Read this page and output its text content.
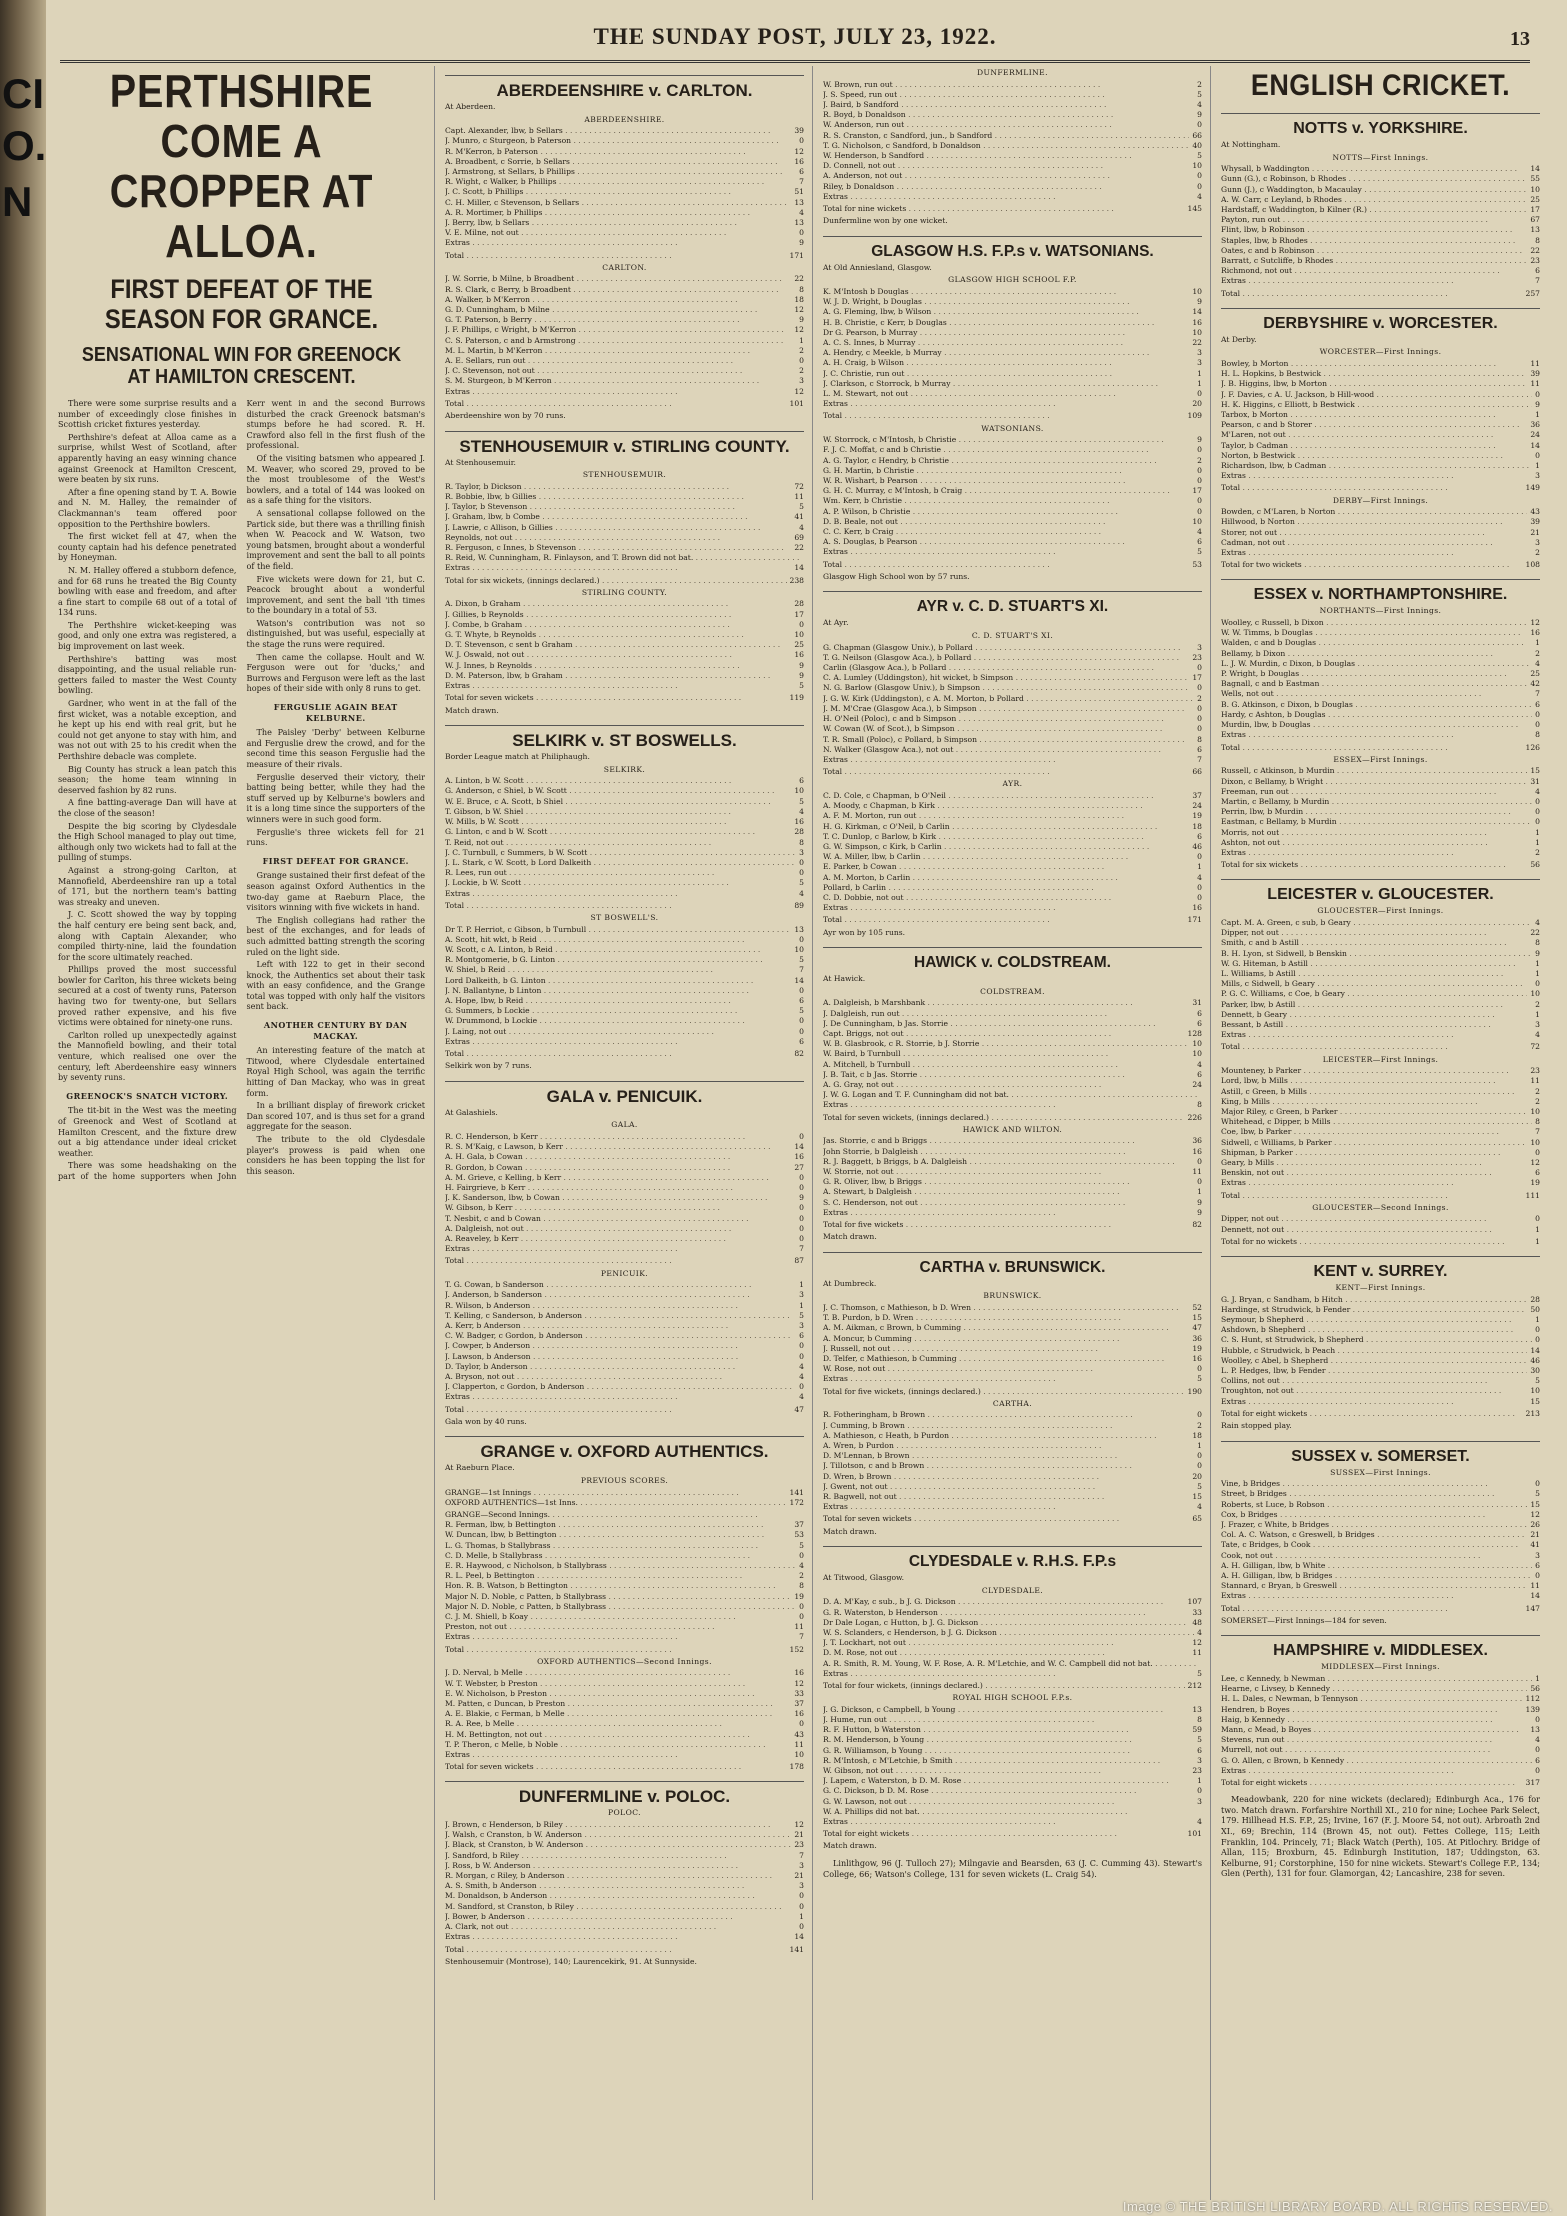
CI
O.
N
THE SUNDAY POST, JULY 23, 1922.	13
PERTHSHIRE COME A CROPPER AT ALLOA.
FIRST DEFEAT OF THE SEASON FOR GRANCE.
SENSATIONAL WIN FOR GREENOCK AT HAMILTON CRESCENT.

There were some surprise results and a number of exceedingly close finishes in Scottish cricket fixtures yesterday.

Perthshire's defeat at Alloa came as a surprise, whilst West of Scotland, after apparently having an easy winning chance against Greenock at Hamilton Crescent, were beaten by six runs.

After a fine opening stand by T. A. Bowie and N. M. Halley, the remainder of Clackmannan's team offered poor opposition to the Perthshire bowlers.

The first wicket fell at 47, when the county captain had his defence penetrated by Honeyman.

N. M. Halley offered a stubborn defence, and for 68 runs he treated the Big County bowling with ease and freedom, and after a fine start to compile 68 out of a total of 134 runs.

The Perthshire wicket-keeping was good, and only one extra was registered, a big improvement on last week.

Perthshire's batting was most disappointing, and the usual reliable run-getters failed to master the West County bowling.

Gardner, who went in at the fall of the first wicket, was a notable exception, and he kept up his end with real grit, but he could not get anyone to stay with him, and was not out with 25 to his credit when the Perthshire debacle was complete.

Big County has struck a lean patch this season; the home team winning in deserved fashion by 82 runs.

A fine batting-average Dan will have at the close of the season!

Despite the big scoring by Clydesdale the High School managed to play out time, although only two wickets had to fall at the pulling of stumps.

Against a strong-going Carlton, at Mannofield, Aberdeenshire ran up a total of 171, but the northern team's batting was streaky and uneven.

J. C. Scott showed the way by topping the half century ere being sent back, and, along with Captain Alexander, who compiled thirty-nine, laid the foundation for the score ultimately reached.

Phillips proved the most successful bowler for Carlton, his three wickets being secured at a cost of twenty runs, Paterson having two for twenty-one, but Sellars proved rather expensive, and his five victims were obtained for ninety-one runs.

Carlton rolled up unexpectedly against the Mannofield bowling, and their total venture, which realised one over the century, left Aberdeenshire easy winners by seventy runs.

GREENOCK'S SNATCH VICTORY.

The tit-bit in the West was the meeting of Greenock and West of Scotland at Hamilton Crescent, and the fixture drew out a big attendance under ideal cricket weather.

There was some headshaking on the part of the home supporters when John Kerr went in and the second Burrows disturbed the crack Greenock batsman's stumps before he had scored. R. H. Crawford also fell in the first flush of the professional.

Of the visiting batsmen who appeared J. M. Weaver, who scored 29, proved to be the most troublesome of the West's bowlers, and a total of 144 was looked on as a safe thing for the visitors.

A sensational collapse followed on the Partick side, but there was a thrilling finish when W. Peacock and W. Watson, two young batsmen, brought about a wonderful improvement and sent the ball to all points of the field.

Five wickets were down for 21, but C. Peacock brought about a wonderful improvement, and sent the ball 'ith times to the boundary in a total of 53.

Watson's contribution was not so distinguished, but was useful, especially at the stage the runs were required.

Then came the collapse. Hoult and W. Ferguson were out for 'ducks,' and Burrows and Ferguson were left as the last hopes of their side with only 8 runs to get.

FERGUSLIE AGAIN BEAT KELBURNE.

The Paisley 'Derby' between Kelburne and Ferguslie drew the crowd, and for the second time this season Ferguslie had the measure of their rivals.

Ferguslie deserved their victory, their batting being better, while they had the stuff served up by Kelburne's bowlers and it is a long time since the supporters of the winners were in such good form.

Ferguslie's three wickets fell for 21 runs.

FIRST DEFEAT FOR GRANCE.

Grange sustained their first defeat of the season against Oxford Authentics in the two-day game at Raeburn Place, the visitors winning with five wickets in hand.

The English collegians had rather the best of the exchanges, and for leads of such admitted batting strength the scoring ruled on the light side.

Left with 122 to get in their second knock, the Authentics set about their task with an easy confidence, and the Grange total was topped with only half the visitors sent back.

ANOTHER CENTURY BY DAN MACKAY.

An interesting feature of the match at Titwood, where Clydesdale entertained Royal High School, was again the terrific hitting of Dan Mackay, who was in great form.

In a brilliant display of firework cricket Dan scored 107, and is thus set for a grand aggregate for the season.

The tribute to the old Clydesdale player's prowess is paid when one considers he has been topping the list for this season.

ABERDEENSHIRE v. CARLTON.
At Aberdeen.
ABERDEENSHIRE.
Capt. Alexander, lbw, b Sellars . . .	39
J. Munro, c Sturgeon, b Paterson . . .	0
R. M'Kerron, b Paterson . . .	12
A. Broadbent, c Sorrie, b Sellars . . .	16
J. Armstrong, st Sellars, b Phillips . . .	6
R. Wight, c Walker, b Phillips . . .	7
J. C. Scott, b Phillips . . .	51
C. H. Miller, c Stevenson, b Sellars . . .	13
A. R. Mortimer, b Phillips . . .	4
J. Berry, lbw, b Sellars . . .	13
V. E. Milne, not out . . .	0
Extras . . .	9
Total . . .	171
CARLTON.
J. W. Sorrie, b Milne, b Broadbent . . .	22
R. S. Clark, c Berry, b Broadbent . . .	8
A. Walker, b M'Kerron . . .	18
G. D. Cunningham, b Milne . . .	12
G. T. Paterson, b Berry . . .	9
J. F. Phillips, c Wright, b M'Kerron . . .	12
C. S. Paterson, c and b Armstrong . . .	1
M. L. Martin, b M'Kerron . . .	2
A. E. Sellars, run out . . .	0
J. C. Stevenson, not out . . .	2
S. M. Sturgeon, b M'Kerron . . .	3
Extras . . .	12
Total . . .	101
Aberdeenshire won by 70 runs.
STENHOUSEMUIR v. STIRLING COUNTY.
At Stenhousemuir.
STENHOUSEMUIR.
R. Taylor, b Dickson . . .	72
R. Bobbie, lbw, b Gillies . . .	11
J. Taylor, b Stevenson . . .	5
J. Graham, lbw, b Combe . . .	41
J. Lawrie, c Allison, b Gillies . . .	4
Reynolds, not out . . .	69
R. Ferguson, c Innes, b Stevenson . . .	22
R. Reid, W. Cunningham, R. Finlayson, and T. Brown did not bat. . . .
Extras . . .	14
Total for six wickets, (innings declared.) . . .	238
STIRLING COUNTY.
A. Dixon, b Graham . . .	28
J. Gillies, b Reynolds . . .	17
J. Combe, b Graham . . .	0
G. T. Whyte, b Reynolds . . .	10
D. T. Stevenson, c sent b Graham . . .	25
W. J. Oswald, not out . . .	16
W. J. Innes, b Reynolds . . .	9
D. M. Paterson, lbw, b Graham . . .	9
Extras . . .	5
Total for seven wickets . . .	119
Match drawn.
SELKIRK v. ST BOSWELLS.
Border League match at Philiphaugh.
SELKIRK.
A. Linton, b W. Scott . . .	6
G. Anderson, c Shiel, b W. Scott . . .	10
W. E. Bruce, c A. Scott, b Shiel . . .	5
T. Gibson, b W. Shiel . . .	4
W. Mills, b W. Scott . . .	16
G. Linton, c and b W. Scott . . .	28
T. Reid, not out . . .	8
J. C. Turnbull, c Summers, b W. Scott . . .	3
J. L. Stark, c W. Scott, b Lord Dalkeith . . .	0
R. Lees, run out . . .	0
J. Lockie, b W. Scott . . .	5
Extras . . .	4
Total . . .	89
ST BOSWELL'S.
Dr T. P. Herriot, c Gibson, b Turnbull . . .	13
A. Scott, hit wkt, b Reid . . .	0
W. Scott, c A. Linton, b Reid . . .	10
R. Montgomerie, b G. Linton . . .	5
W. Shiel, b Reid . . .	7
Lord Dalkeith, b G. Linton . . .	14
J. N. Ballantyne, b Linton . . .	0
A. Hope, lbw, b Reid . . .	6
G. Summers, b Lockie . . .	5
W. Drummond, b Lockie . . .	0
J. Laing, not out . . .	0
Extras . . .	6
Total . . .	82
Selkirk won by 7 runs.
GALA v. PENICUIK.
At Galashiels.
GALA.
R. C. Henderson, b Kerr . . .	0
R. S. M'Kaig, c Lawson, b Kerr . . .	14
A. H. Gala, b Cowan . . .	16
R. Gordon, b Cowan . . .	27
A. M. Grieve, c Kelling, b Kerr . . .	0
H. Fairgrieve, b Kerr . . .	0
J. K. Sanderson, lbw, b Cowan . . .	9
W. Gibson, b Kerr . . .	0
T. Nesbit, c and b Cowan . . .	0
A. Dalgleish, not out . . .	0
A. Reaveley, b Kerr . . .	0
Extras . . .	7
Total . . .	87
PENICUIK.
T. G. Cowan, b Sanderson . . .	1
J. Anderson, b Sanderson . . .	3
R. Wilson, b Anderson . . .	1
T. Kelling, c Sanderson, b Anderson . . .	5
A. Kerr, b Anderson . . .	3
C. W. Badger, c Gordon, b Anderson . . .	6
J. Cowper, b Anderson . . .	0
J. Lawson, b Anderson . . .	0
D. Taylor, b Anderson . . .	4
A. Bryson, not out . . .	4
J. Clapperton, c Gordon, b Anderson . . .	0
Extras . . .	4
Total . . .	47
Gala won by 40 runs.
GRANGE v. OXFORD AUTHENTICS.
At Raeburn Place.
PREVIOUS SCORES.
GRANGE—1st Innings . . .	141
OXFORD AUTHENTICS—1st Inns. . . .	172
GRANGE—Second Innings. . . .
R. Ferman, lbw, b Bettington . . .	37
W. Duncan, lbw, b Bettington . . .	53
L. G. Thomas, b Stallybrass . . .	5
C. D. Melle, b Stallybrass . . .	0
E. R. Haywood, c Nicholson, b Stallybrass . . .	4
R. L. Peel, b Bettington . . .	2
Hon. R. B. Watson, b Bettington . . .	8
Major N. D. Noble, c Patten, b Stallybrass . . .	19
Major N. D. Noble, c Patten, b Stallybrass . . .	0
C. J. M. Shiell, b Koay . . .	0
Preston, not out . . .	11
Extras . . .	7
Total . . .	152
OXFORD AUTHENTICS—Second Innings.
J. D. Nerval, b Melle . . .	16
W. T. Webster, b Preston . . .	12
E. W. Nicholson, b Preston . . .	33
M. Patten, c Duncan, b Preston . . .	37
A. E. Blakie, c Ferman, b Melle . . .	16
R. A. Ree, b Melle . . .	0
H. M. Bettington, not out . . .	43
T. P. Theron, c Melle, b Noble . . .	11
Extras . . .	10
Total for seven wickets . . .	178
DUNFERMLINE v. POLOC.
POLOC.
J. Brown, c Henderson, b Riley . . .	12
J. Walsh, c Cranston, b W. Anderson . . .	21
J. Black, st Cranston, b W. Anderson . . .	23
J. Sandford, b Riley . . .	7
J. Ross, b W. Anderson . . .	3
R. Morgan, c Riley, b Anderson . . .	21
A. S. Smith, b Anderson . . .	3
M. Donaldson, b Anderson . . .	0
M. Sandford, st Cranston, b Riley . . .	0
J. Bower, b Anderson . . .	1
A. Clark, not out . . .	0
Extras . . .	14
Total . . .	141
Stenhousemuir (Montrose), 140; Laurencekirk, 91. At Sunnyside.
DUNFERMLINE.
W. Brown, run out . . .	2
J. S. Speed, run out . . .	5
J. Baird, b Sandford . . .	4
R. Boyd, b Donaldson . . .	9
W. Anderson, run out . . .	0
R. S. Cranston, c Sandford, jun., b Sandford . . .	66
T. G. Nicholson, c Sandford, b Donaldson . . .	40
W. Henderson, b Sandford . . .	5
D. Connell, not out . . .	10
A. Anderson, not out . . .	0
Riley, b Donaldson . . .	0
Extras . . .	4
Total for nine wickets . . .	145
Dunfermline won by one wicket.
GLASGOW H.S. F.P.s v. WATSONIANS.
At Old Anniesland, Glasgow.
GLASGOW HIGH SCHOOL F.P.
K. M'Intosh b Douglas . . .	10
W. J. D. Wright, b Douglas . . .	9
A. G. Fleming, lbw, b Wilson . . .	14
H. B. Christie, c Kerr, b Douglas . . .	16
Dr G. Pearson, b Murray . . .	10
A. C. S. Innes, b Murray . . .	22
A. Hendry, c Meekle, b Murray . . .	3
A. H. Craig, b Wilson . . .	3
J. C. Christie, run out . . .	1
J. Clarkson, c Storrock, b Murray . . .	1
L. M. Stewart, not out . . .	0
Extras . . .	20
Total . . .	109
WATSONIANS.
W. Storrock, c M'Intosh, b Christie . . .	9
F. J. C. Moffat, c and b Christie . . .	0
A. G. Taylor, c Hendry, b Christie . . .	2
G. H. Martin, b Christie . . .	0
W. R. Wishart, b Pearson . . .	0
G. H. C. Murray, c M'Intosh, b Craig . . .	17
Wm. Kerr, b Christie . . .	0
A. P. Wilson, b Christie . . .	0
D. B. Beale, not out . . .	10
C. C. Kerr, b Craig . . .	4
A. S. Douglas, b Pearson . . .	6
Extras . . .	5
Total . . .	53
Glasgow High School won by 57 runs.
AYR v. C. D. STUART'S XI.
At Ayr.
C. D. STUART'S XI.
G. Chapman (Glasgow Univ.), b Pollard . . .	3
T. G. Neilson (Glasgow Aca.), b Pollard . . .	23
Carlin (Glasgow Aca.), b Pollard . . .	0
C. A. Lumley (Uddingston), hit wicket, b Simpson . . .	17
N. G. Barlow (Glasgow Univ.), b Simpson . . .	0
J. G. W. Kirk (Uddingston), c A. M. Morton, b Pollard . . .	2
J. M. M'Crae (Glasgow Aca.), b Simpson . . .	0
H. O'Neil (Poloc), c and b Simpson . . .	0
W. Cowan (W. of Scot.), b Simpson . . .	0
T. R. Small (Poloc), c Pollard, b Simpson . . .	8
N. Walker (Glasgow Aca.), not out . . .	6
Extras . . .	7
Total . . .	66
AYR.
C. D. Cole, c Chapman, b O'Neil . . .	37
A. Moody, c Chapman, b Kirk . . .	24
A. F. M. Morton, run out . . .	19
H. G. Kirkman, c O'Neil, b Carlin . . .	18
T. C. Dunlop, c Barlow, b Kirk . . .	6
G. W. Simpson, c Kirk, b Carlin . . .	46
W. A. Miller, lbw, b Carlin . . .	0
E. Parker, b Cowan . . .	1
A. M. Morton, b Carlin . . .	4
Pollard, b Carlin . . .	0
C. D. Dobbie, not out . . .	0
Extras . . .	16
Total . . .	171
Ayr won by 105 runs.
HAWICK v. COLDSTREAM.
At Hawick.
COLDSTREAM.
A. Dalgleish, b Marshbank . . .	31
J. Dalgleish, run out . . .	6
J. De Cunningham, b Jas. Storrie . . .	6
Capt. Briggs, not out . . .	128
W. B. Glasbrook, c R. Storrie, b J. Storrie . . .	10
W. Baird, b Turnbull . . .	10
A. Mitchell, b Turnbull . . .	4
J. B. Tait, c b Jas. Storrie . . .	6
A. G. Gray, not out . . .	24
J. W. G. Logan and T. F. Cunningham did not bat. . . .
Extras . . .	8
Total for seven wickets, (innings declared.) . . .	226
HAWICK AND WILTON.
Jas. Storrie, c and b Briggs . . .	36
John Storrie, b Dalgleish . . .	16
R. J. Baggett, b Briggs, b A. Dalgleish . . .	0
W. Storrie, not out . . .	11
G. R. Oliver, lbw, b Briggs . . .	0
A. Stewart, b Dalgleish . . .	1
S. C. Henderson, not out . . .	9
Extras . . .	9
Total for five wickets . . .	82
Match drawn.
CARTHA v. BRUNSWICK.
At Dumbreck.
BRUNSWICK.
J. C. Thomson, c Mathieson, b D. Wren . . .	52
T. B. Purdon, b D. Wren . . .	15
A. M. Aikman, c Brown, b Cumming . . .	47
A. Moncur, b Cumming . . .	36
J. Russell, not out . . .	19
D. Telfer, c Mathieson, b Cumming . . .	16
W. Rose, not out . . .	0
Extras . . .	5
Total for five wickets, (innings declared.) . . .	190
CARTHA.
R. Fotheringham, b Brown . . .	0
J. Cumming, b Brown . . .	2
A. Mathieson, c Heath, b Purdon . . .	18
A. Wren, b Purdon . . .	1
D. M'Lennan, b Brown . . .	0
J. Tillotson, c and b Brown . . .	0
D. Wren, b Brown . . .	20
J. Gwent, not out . . .	5
R. Bagwell, not out . . .	15
Extras . . .	4
Total for seven wickets . . .	65
Match drawn.
CLYDESDALE v. R.H.S. F.P.s
At Titwood, Glasgow.
CLYDESDALE.
D. A. M'Kay, c sub., b J. G. Dickson . . .	107
G. R. Waterston, b Henderson . . .	33
Dr Dale Logan, c Hutton, b J. G. Dickson . . .	48
W. S. Sclanders, c Henderson, b J. G. Dickson . . .	4
J. T. Lockhart, not out . . .	12
D. M. Rose, not out . . .	11
A. R. Smith, R. M. Young, W. F. Rose, A. R. M'Letchie, and W. C. Campbell did not bat. . . .
Extras . . .	5
Total for four wickets, (innings declared.) . . .	212
ROYAL HIGH SCHOOL F.P.s.
J. G. Dickson, c Campbell, b Young . . .	13
J. Hume, run out . . .	8
R. F. Hutton, b Waterston . . .	59
R. M. Henderson, b Young . . .	5
G. R. Williamson, b Young . . .	6
R. M'Intosh, c M'Letchie, b Smith . . .	3
W. Gibson, not out . . .	23
J. Lapem, c Waterston, b D. M. Rose . . .	1
G. C. Dickson, b D. M. Rose . . .	0
G. W. Lawson, not out . . .	3
W. A. Phillips did not bat. . . .
Extras . . .	4
Total for eight wickets . . .	101
Match drawn.
Linlithgow, 96 (J. Tulloch 27); Milngavie and Bearsden, 63 (J. C. Cumming 43). Stewart's College, 66; Watson's College, 131 for seven wickets (L. Craig 54).
ENGLISH CRICKET.
NOTTS v. YORKSHIRE.
At Nottingham.
NOTTS—First Innings.
Whysall, b Waddington . . .	14
Gunn (G.), c Robinson, b Rhodes . . .	55
Gunn (J.), c Waddington, b Macaulay . . .	10
A. W. Carr, c Leyland, b Rhodes . . .	25
Hardstaff, c Waddington, b Kilner (R.) . . .	17
Payton, run out . . .	67
Flint, lbw, b Robinson . . .	13
Staples, lbw, b Rhodes . . .	8
Oates, c and b Robinson . . .	22
Barratt, c Sutcliffe, b Rhodes . . .	23
Richmond, not out . . .	6
Extras . . .	7
Total . . .	257
DERBYSHIRE v. WORCESTER.
At Derby.
WORCESTER—First Innings.
Bowley, b Morton . . .	11
H. L. Hopkins, b Bestwick . . .	39
J. B. Higgins, lbw, b Morton . . .	11
J. F. Davies, c A. U. Jackson, b Hill-wood . . .	0
H. K. Higgins, c Elliott, b Bestwick . . .	9
Tarbox, b Morton . . .	1
Pearson, c and b Storer . . .	36
M'Laren, not out . . .	24
Taylor, b Cadman . . .	14
Norton, b Bestwick . . .	0
Richardson, lbw, b Cadman . . .	1
Extras . . .	3
Total . . .	149
DERBY—First Innings.
Bowden, c M'Laren, b Norton . . .	43
Hillwood, b Norton . . .	39
Storer, not out . . .	21
Cadman, not out . . .	3
Extras . . .	2
Total for two wickets . . .	108
ESSEX v. NORTHAMPTONSHIRE.
NORTHANTS—First Innings.
Woolley, c Russell, b Dixon . . .	12
W. W. Timms, b Douglas . . .	16
Walden, c and b Douglas . . .	1
Bellamy, b Dixon . . .	2
L. J. W. Murdin, c Dixon, b Douglas . . .	4
P. Wright, b Douglas . . .	25
Bagnall, c and b Eastman . . .	42
Wells, not out . . .	7
B. G. Atkinson, c Dixon, b Douglas . . .	6
Hardy, c Ashton, b Douglas . . .	0
Murdin, lbw, b Douglas . . .	0
Extras . . .	8
Total . . .	126
ESSEX—First Innings.
Russell, c Atkinson, b Murdin . . .	15
Dixon, c Bellamy, b Wright . . .	31
Freeman, run out . . .	4
Martin, c Bellamy, b Murdin . . .	0
Perrin, lbw, b Murdin . . .	0
Eastman, c Bellamy, b Murdin . . .	0
Morris, not out . . .	1
Ashton, not out . . .	1
Extras . . .	2
Total for six wickets . . .	56
LEICESTER v. GLOUCESTER.
GLOUCESTER—First Innings.
Capt. M. A. Green, c sub, b Geary . . .	4
Dipper, not out . . .	22
Smith, c and b Astill . . .	8
B. H. Lyon, st Sidwell, b Benskin . . .	9
W. G. Hiteman, b Astill . . .	1
L. Williams, b Astill . . .	1
Mills, c Sidwell, b Geary . . .	0
P. G. C. Williams, c Coe, b Geary . . .	10
Parker, lbw, b Astill . . .	2
Dennett, b Geary . . .	1
Bessant, b Astill . . .	3
Extras . . .	4
Total . . .	72
LEICESTER—First Innings.
Mounteney, b Parker . . .	23
Lord, lbw, b Mills . . .	11
Astill, c Green, b Mills . . .	2
King, b Mills . . .	2
Major Riley, c Green, b Parker . . .	10
Whitehead, c Dipper, b Mills . . .	8
Coe, lbw, b Parker . . .	7
Sidwell, c Williams, b Parker . . .	10
Shipman, b Parker . . .	0
Geary, b Mills . . .	12
Benskin, not out . . .	6
Extras . . .	19
Total . . .	111
GLOUCESTER—Second Innings.
Dipper, not out . . .	0
Dennett, not out . . .	1
Total for no wickets . . .	1
KENT v. SURREY.
KENT—First Innings.
G. J. Bryan, c Sandham, b Hitch . . .	28
Hardinge, st Strudwick, b Fender . . .	50
Seymour, b Shepherd . . .	1
Ashdown, b Shepherd . . .	0
C. S. Hunt, st Strudwick, b Shepherd . . .	0
Hubble, c Strudwick, b Peach . . .	14
Woolley, c Abel, b Shepherd . . .	46
L. P. Hedges, lbw, b Fender . . .	30
Collins, not out . . .	5
Troughton, not out . . .	10
Extras . . .	15
Total for eight wickets . . .	213
Rain stopped play.
SUSSEX v. SOMERSET.
SUSSEX—First Innings.
Vine, b Bridges . . .	0
Street, b Bridges . . .	5
Roberts, st Luce, b Robson . . .	15
Cox, b Bridges . . .	12
J. Frazer, c White, b Bridges . . .	26
Col. A. C. Watson, c Greswell, b Bridges . . .	21
Tate, c Bridges, b Cook . . .	41
Cook, not out . . .	3
A. H. Gilligan, lbw, b White . . .	6
A. H. Gilligan, lbw, b Bridges . . .	0
Stannard, c Bryan, b Greswell . . .	11
Extras . . .	14
Total . . .	147
SOMERSET—First Innings—184 for seven.
HAMPSHIRE v. MIDDLESEX.
MIDDLESEX—First Innings.
Lee, c Kennedy, b Newman . . .	1
Hearne, c Livsey, b Kennedy . . .	56
H. L. Dales, c Newman, b Tennyson . . .	112
Hendren, b Boyes . . .	139
Haig, b Kennedy . . .	0
Mann, c Mead, b Boyes . . .	13
Stevens, run out . . .	4
Murrell, not out . . .	0
G. O. Allen, c Brown, b Kennedy . . .	6
Extras . . .	0
Total for eight wickets . . .	317
Meadowbank, 220 for nine wickets (declared); Edinburgh Aca., 176 for two. Match drawn. Forfarshire Northill XI., 210 for nine; Lochee Park Select, 179. Hillhead H.S. F.P., 25; Irvine, 167 (F. J. Moore 54, not out). Arbroath 2nd XI., 69; Brechin, 114 (Brown 45, not out). Fettes College, 115; Leith Franklin, 104. Princely, 71; Black Watch (Perth), 105. At Pitlochry. Bridge of Allan, 115; Broxburn, 45. Edinburgh Institution, 187; Uddingston, 63. Kelburne, 91; Corstorphine, 150 for nine wickets. Stewart's College F.P., 134; Glen (Perth), 131 for four. Glamorgan, 42; Lancashire, 238 for seven.
Image © THE BRITISH LIBRARY BOARD. ALL RIGHTS RESERVED.
